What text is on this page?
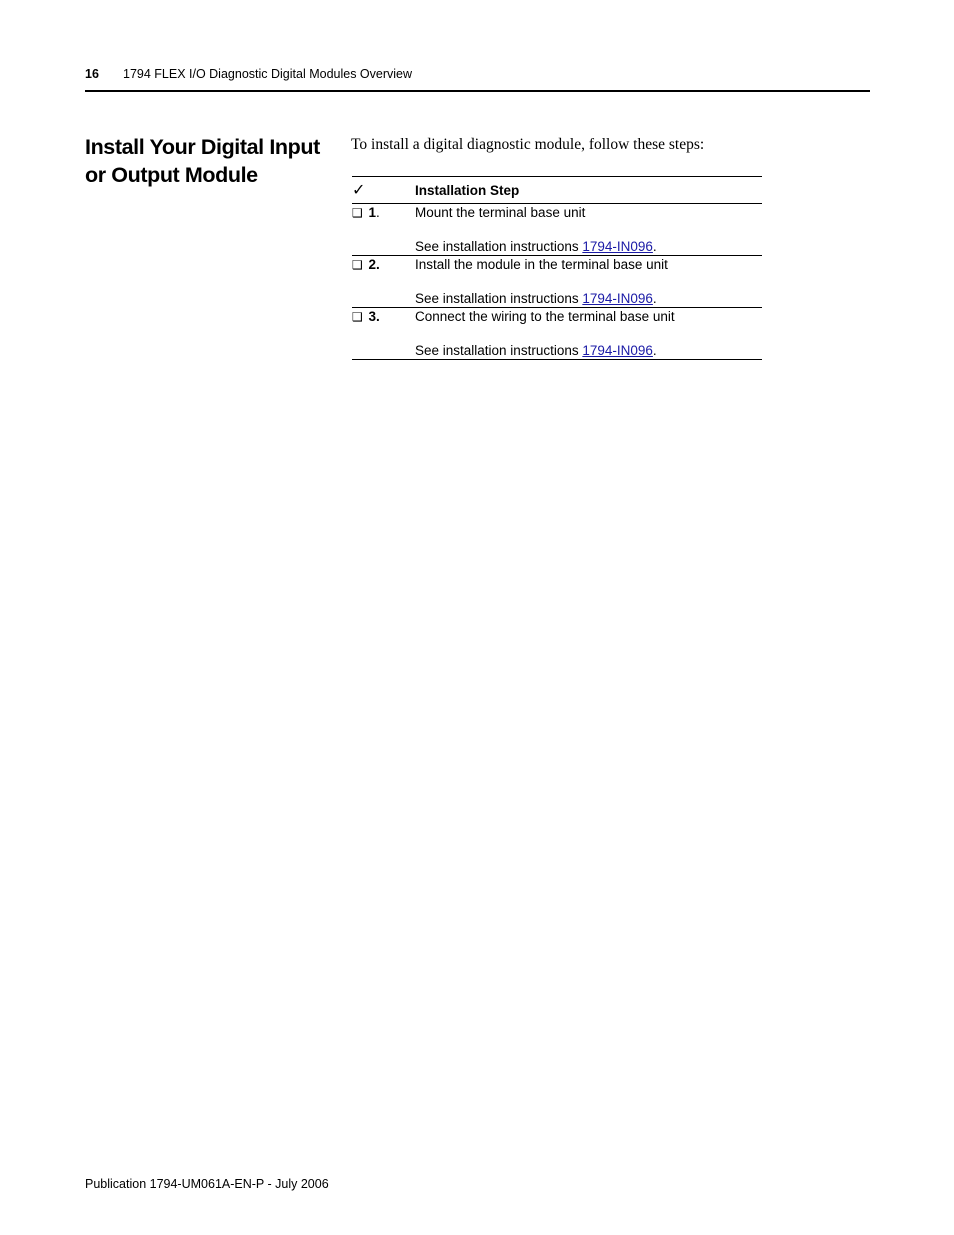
16 1794 FLEX I/O Diagnostic Digital Modules Overview
Install Your Digital Input or Output Module

To install a digital diagnostic module, follow these steps:

✓	Installation Step
❑ 1.	Mount the terminal base unit
See installation instructions 1794-IN096.

❑ 2.	Install the module in the terminal base unit
See installation instructions 1794-IN096.

❑ 3.	Connect the wiring to the terminal base unit
See installation instructions 1794-IN096.
Publication 1794-UM061A-EN-P - July 2006
